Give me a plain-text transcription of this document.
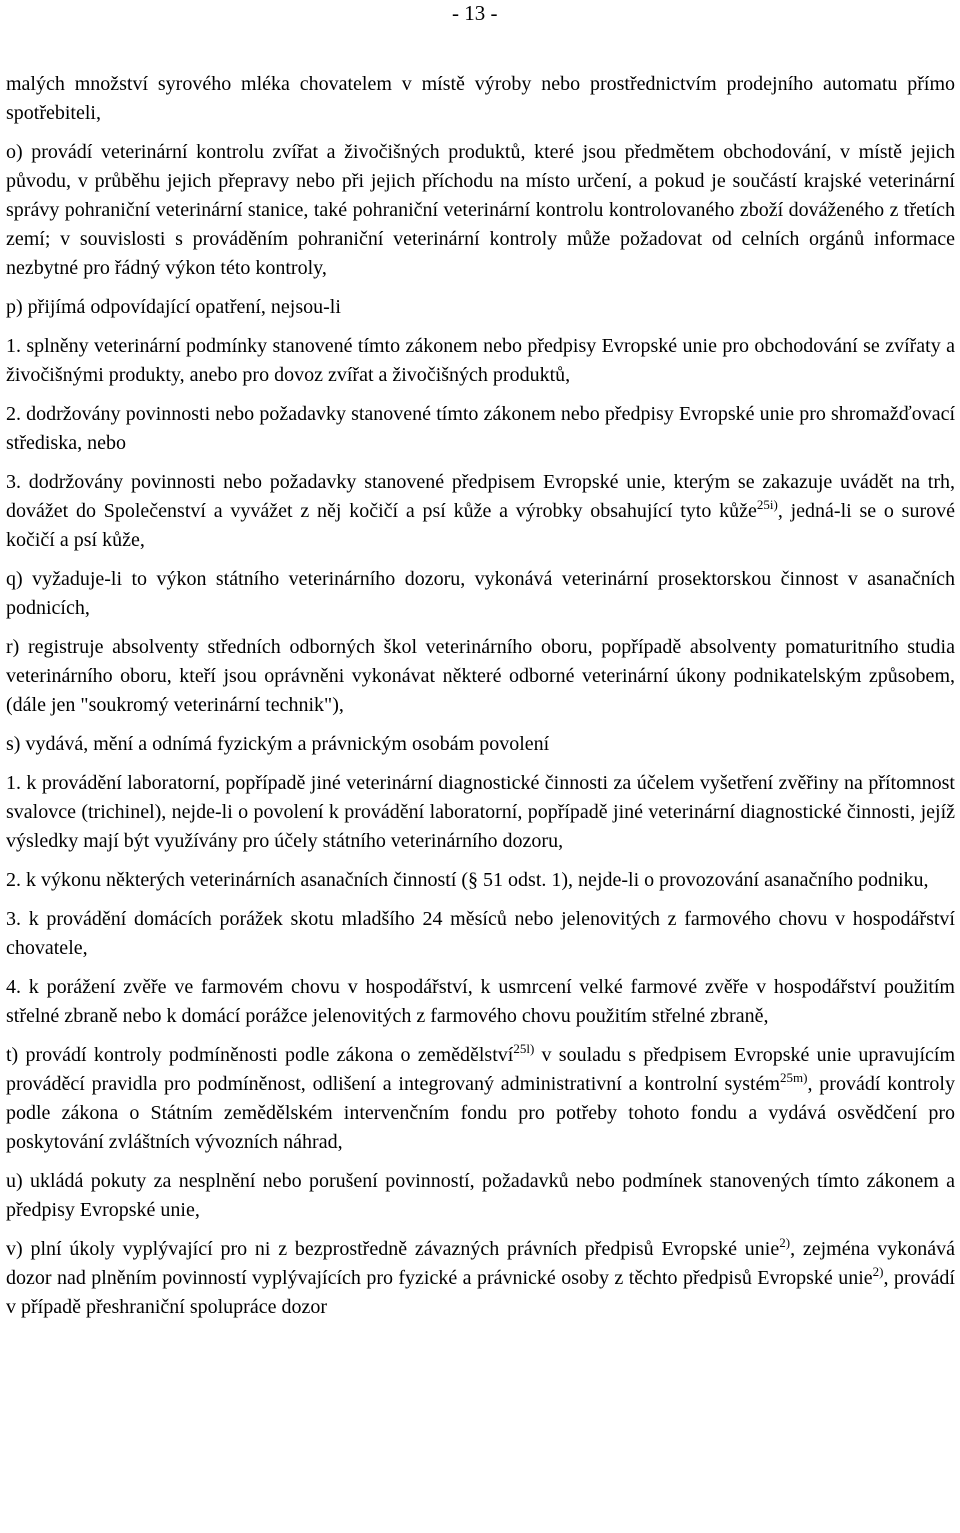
- 13 -

malých množství syrového mléka chovatelem v místě výroby nebo prostřednictvím prodejního automatu přímo spotřebiteli,

o) provádí veterinární kontrolu zvířat a živočišných produktů, které jsou předmětem obchodování, v místě jejich původu, v průběhu jejich přepravy nebo při jejich příchodu na místo určení, a pokud je součástí krajské veterinární správy pohraniční veterinární stanice, také pohraniční veterinární kontrolu kontrolovaného zboží dováženého z třetích zemí; v souvislosti s prováděním pohraniční veterinární kontroly může požadovat od celních orgánů informace nezbytné pro řádný výkon této kontroly,

p) přijímá odpovídající opatření, nejsou-li

1. splněny veterinární podmínky stanovené tímto zákonem nebo předpisy Evropské unie pro obchodování se zvířaty a živočišnými produkty, anebo pro dovoz zvířat a živočišných produktů,

2. dodržovány povinnosti nebo požadavky stanovené tímto zákonem nebo předpisy Evropské unie pro shromažďovací střediska, nebo

3. dodržovány povinnosti nebo požadavky stanovené předpisem Evropské unie, kterým se zakazuje uvádět na trh, dovážet do Společenství a vyvážet z něj kočičí a psí kůže a výrobky obsahující tyto kůže$^{25i)}$, jedná-li se o surové kočičí a psí kůže,

q) vyžaduje-li to výkon státního veterinárního dozoru, vykonává veterinární prosektorskou činnost v asanačních podnicích,

r) registruje absolventy středních odborných škol veterinárního oboru, popřípadě absolventy pomaturitního studia veterinárního oboru, kteří jsou oprávněni vykonávat některé odborné veterinární úkony podnikatelským způsobem, (dále jen "soukromý veterinární technik"),

s) vydává, mění a odnímá fyzickým a právnickým osobám povolení

1. k provádění laboratorní, popřípadě jiné veterinární diagnostické činnosti za účelem vyšetření zvěřiny na přítomnost svalovce (trichinel), nejde-li o povolení k provádění laboratorní, popřípadě jiné veterinární diagnostické činnosti, jejíž výsledky mají být využívány pro účely státního veterinárního dozoru,

2. k výkonu některých veterinárních asanačních činností (§ 51 odst. 1), nejde-li o provozování asanačního podniku,

3. k provádění domácích porážek skotu mladšího 24 měsíců nebo jelenovitých z farmového chovu v hospodářství chovatele,

4. k porážení zvěře ve farmovém chovu v hospodářství, k usmrcení velké farmové zvěře v hospodářství použitím střelné zbraně nebo k domácí porážce jelenovitých z farmového chovu použitím střelné zbraně,

t) provádí kontroly podmíněnosti podle zákona o zemědělství$^{25l)}$ v souladu s předpisem Evropské unie upravujícím prováděcí pravidla pro podmíněnost, odlišení a integrovaný administrativní a kontrolní systém$^{25m)}$, provádí kontroly podle zákona o Státním zemědělském intervenčním fondu pro potřeby tohoto fondu a vydává osvědčení pro poskytování zvláštních vývozních náhrad,

u) ukládá pokuty za nesplnění nebo porušení povinností, požadavků nebo podmínek stanovených tímto zákonem a předpisy Evropské unie,

v) plní úkoly vyplývající pro ni z bezprostředně závazných právních předpisů Evropské unie$^{2)}$, zejména vykonává dozor nad plněním povinností vyplývajících pro fyzické a právnické osoby z těchto předpisů Evropské unie$^{2)}$, provádí v případě přeshraniční spolupráce dozor
